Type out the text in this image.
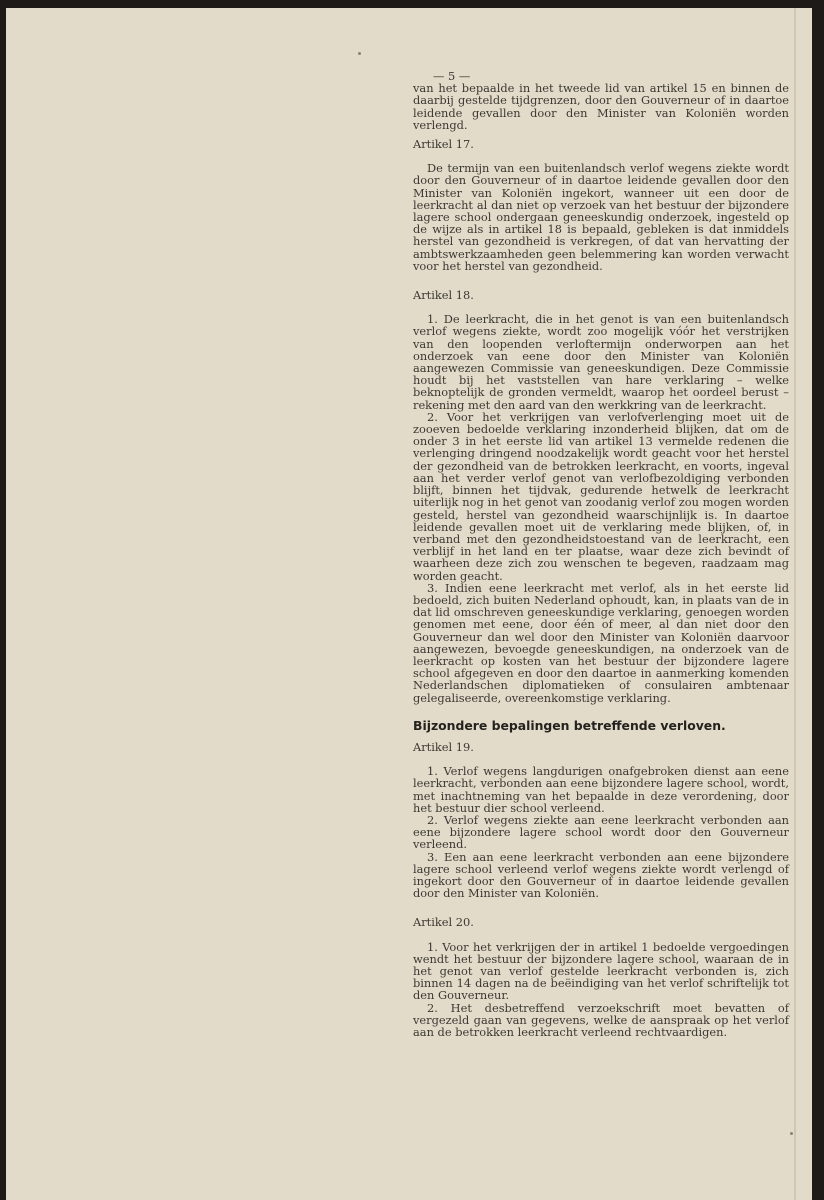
— 5 —

van het bepaalde in het tweede lid van artikel 15 en binnen de daarbij gestelde tijdgrenzen, door den Gouverneur of in daartoe leidende gevallen door den Minister van Koloniën worden verlengd.

Artikel 17.

De termijn van een buitenlandsch verlof wegens ziekte wordt door den Gouverneur of in daartoe leidende gevallen door den Minister van Koloniën ingekort, wanneer uit een door de leerkracht al dan niet op verzoek van het bestuur der bijzondere lagere school ondergaan geneeskundig onderzoek, ingesteld op de wijze als in artikel 18 is bepaald, gebleken is dat inmiddels herstel van gezondheid is verkregen, of dat van hervatting der ambtswerkzaamheden geen belemmering kan worden verwacht voor het herstel van gezondheid.

Artikel 18.

1. De leerkracht, die in het genot is van een buitenlandsch verlof wegens ziekte, wordt zoo mogelijk vóór het verstrijken van den loopenden verloftermijn onderworpen aan het onderzoek van eene door den Minister van Koloniën aangewezen Commissie van geneeskundigen. Deze Commissie houdt bij het vaststellen van hare verklaring – welke beknoptelijk de gronden vermeldt, waarop het oordeel berust – rekening met den aard van den werkkring van de leerkracht.

2. Voor het verkrijgen van verlofverlenging moet uit de zooeven bedoelde verklaring inzonderheid blijken, dat om de onder 3 in het eerste lid van artikel 13 vermelde redenen die verlenging dringend noodzakelijk wordt geacht voor het herstel der gezondheid van de betrokken leerkracht, en voorts, ingeval aan het verder verlof genot van verlofbezoldiging verbonden blijft, binnen het tijdvak, gedurende hetwelk de leerkracht uiterlijk nog in het genot van zoodanig verlof zou mogen worden gesteld, herstel van gezondheid waarschijnlijk is. In daartoe leidende gevallen moet uit de verklaring mede blijken, of, in verband met den gezondheidstoestand van de leerkracht, een verblijf in het land en ter plaatse, waar deze zich bevindt of waarheen deze zich zou wenschen te begeven, raadzaam mag worden geacht.

3. Indien eene leerkracht met verlof, als in het eerste lid bedoeld, zich buiten Nederland ophoudt, kan, in plaats van de in dat lid omschreven geneeskundige verklaring, genoegen worden genomen met eene, door één of meer, al dan niet door den Gouverneur dan wel door den Minister van Koloniën daarvoor aangewezen, bevoegde geneeskundigen, na onderzoek van de leerkracht op kosten van het bestuur der bijzondere lagere school afgegeven en door den daartoe in aanmerking komenden Nederlandschen diplomatieken of consulairen ambtenaar gelegaliseerde, overeenkomstige verklaring.

Bijzondere bepalingen betreffende verloven.

Artikel 19.

1. Verlof wegens langdurigen onafgebroken dienst aan eene leerkracht, verbonden aan eene bijzondere lagere school, wordt, met inachtneming van het bepaalde in deze verordening, door het bestuur dier school verleend.

2. Verlof wegens ziekte aan eene leerkracht verbonden aan eene bijzondere lagere school wordt door den Gouverneur verleend.

3. Een aan eene leerkracht verbonden aan eene bijzondere lagere school verleend verlof wegens ziekte wordt verlengd of ingekort door den Gouverneur of in daartoe leidende gevallen door den Minister van Koloniën.

Artikel 20.

1. Voor het verkrijgen der in artikel 1 bedoelde vergoedingen wendt het bestuur der bijzondere lagere school, waaraan de in het genot van verlof gestelde leerkracht verbonden is, zich binnen 14 dagen na de beëindiging van het verlof schriftelijk tot den Gouverneur.

2. Het desbetreffend verzoekschrift moet bevatten of vergezeld gaan van gegevens, welke de aanspraak op het verlof aan de betrokken leerkracht verleend rechtvaardigen.
